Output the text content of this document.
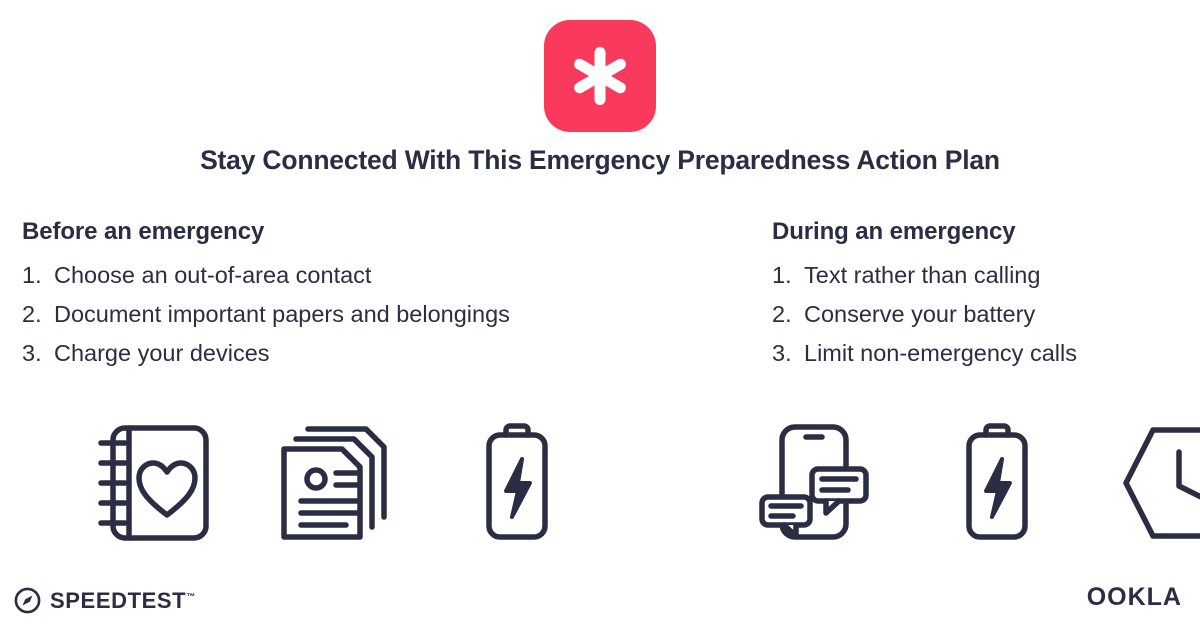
Stay Connected With This Emergency Preparedness Action Plan
Before an emergency
1. Choose an out-of-area contact
2. Document important papers and belongings
3. Charge your devices
During an emergency
1. Text rather than calling
2. Conserve your battery
3. Limit non-emergency calls
SPEEDTEST™	OOKLA
